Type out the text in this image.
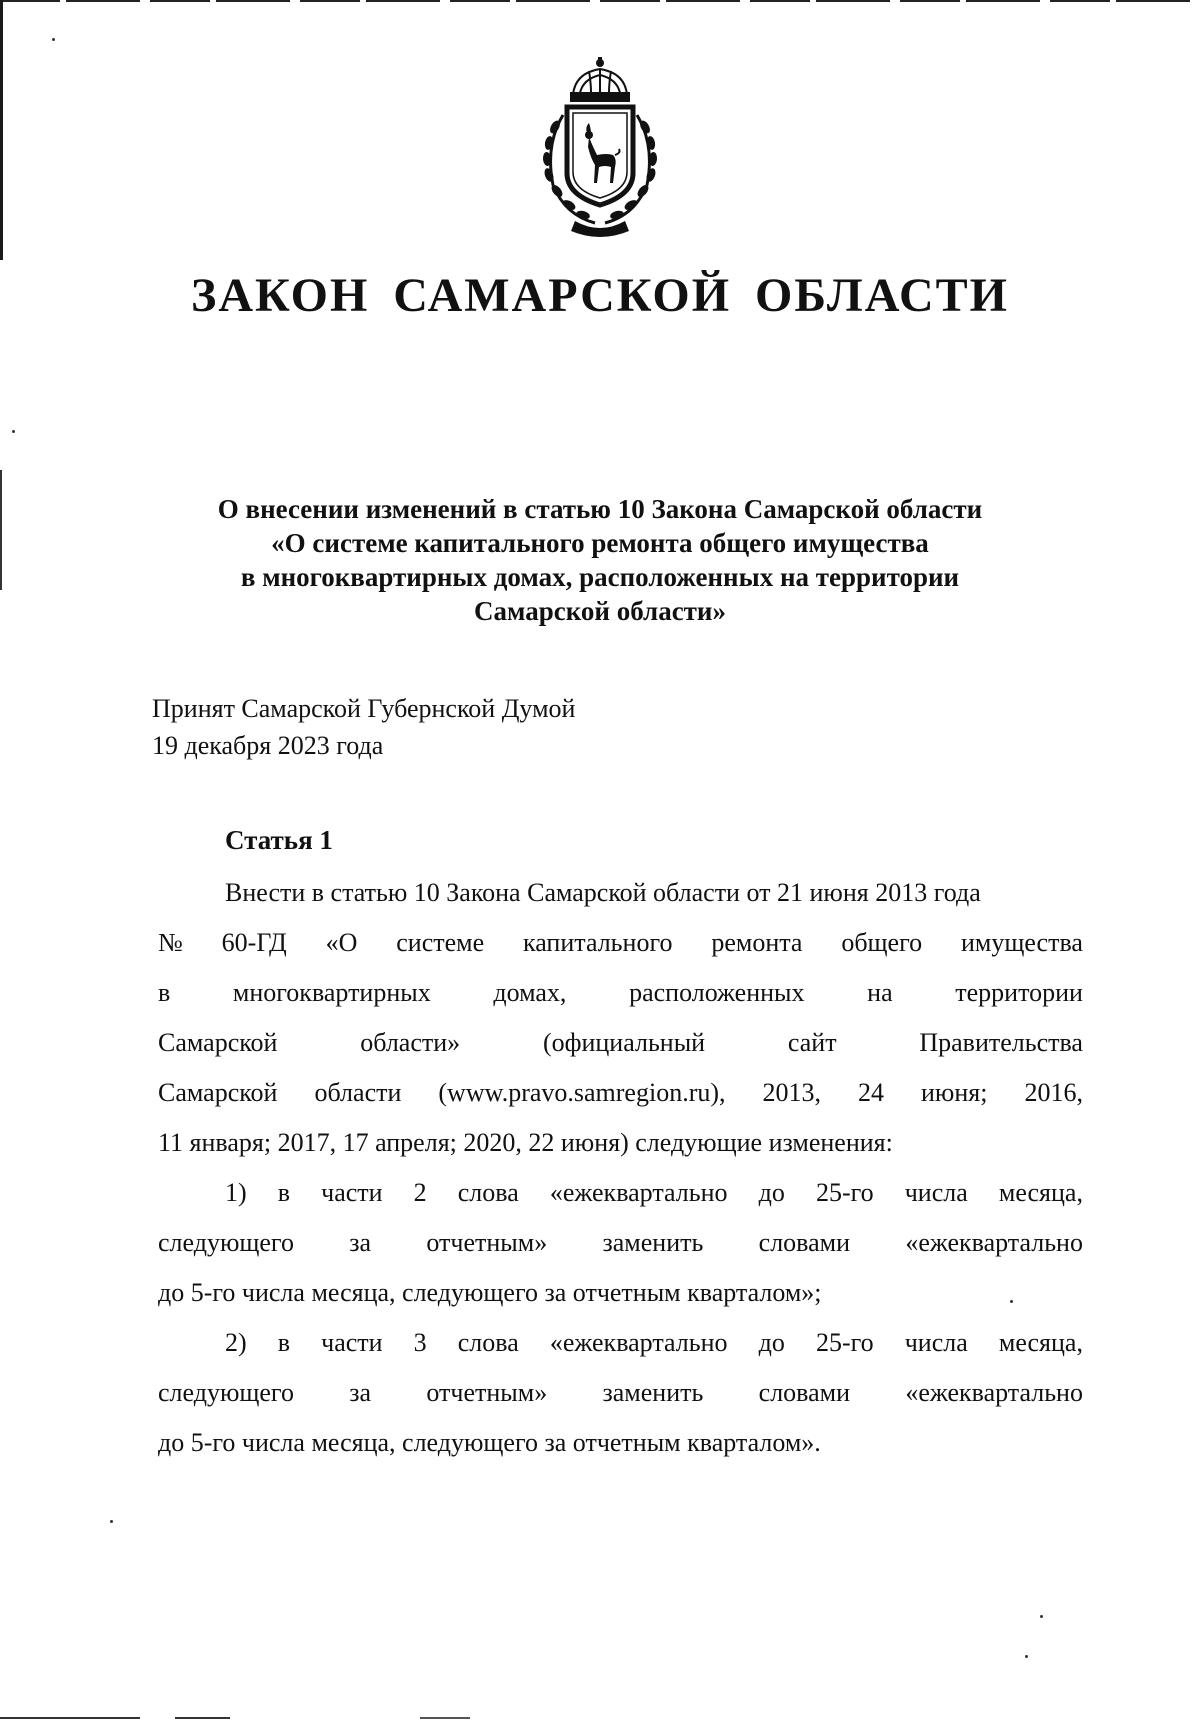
ЗАКОН САМАРСКОЙ ОБЛАСТИ
О внесении изменений в статью 10 Закона Самарской области
«О системе капитального ремонта общего имущества
в многоквартирных домах, расположенных на территории
Самарской области»
Принят Самарской Губернской Думой
19 декабря 2023 года
Статья 1
Внести в статью 10 Закона Самарской области от 21 июня 2013 года
№ 60-ГД «О системе капитального ремонта общего имущества
в многоквартирных домах, расположенных на территории
Самарской	области»	(официальный	сайт	Правительства
Самарской области (www.pravo.samregion.ru), 2013, 24 июня; 2016,
11 января; 2017, 17 апреля; 2020, 22 июня) следующие изменения:
1) в части 2 слова «ежеквартально до 25-го числа месяца,
следующего за отчетным» заменить словами «ежеквартально
до 5-го числа месяца, следующего за отчетным кварталом»;
2) в части 3 слова «ежеквартально до 25-го числа месяца,
следующего за отчетным» заменить словами «ежеквартально
до 5-го числа месяца, следующего за отчетным кварталом».
